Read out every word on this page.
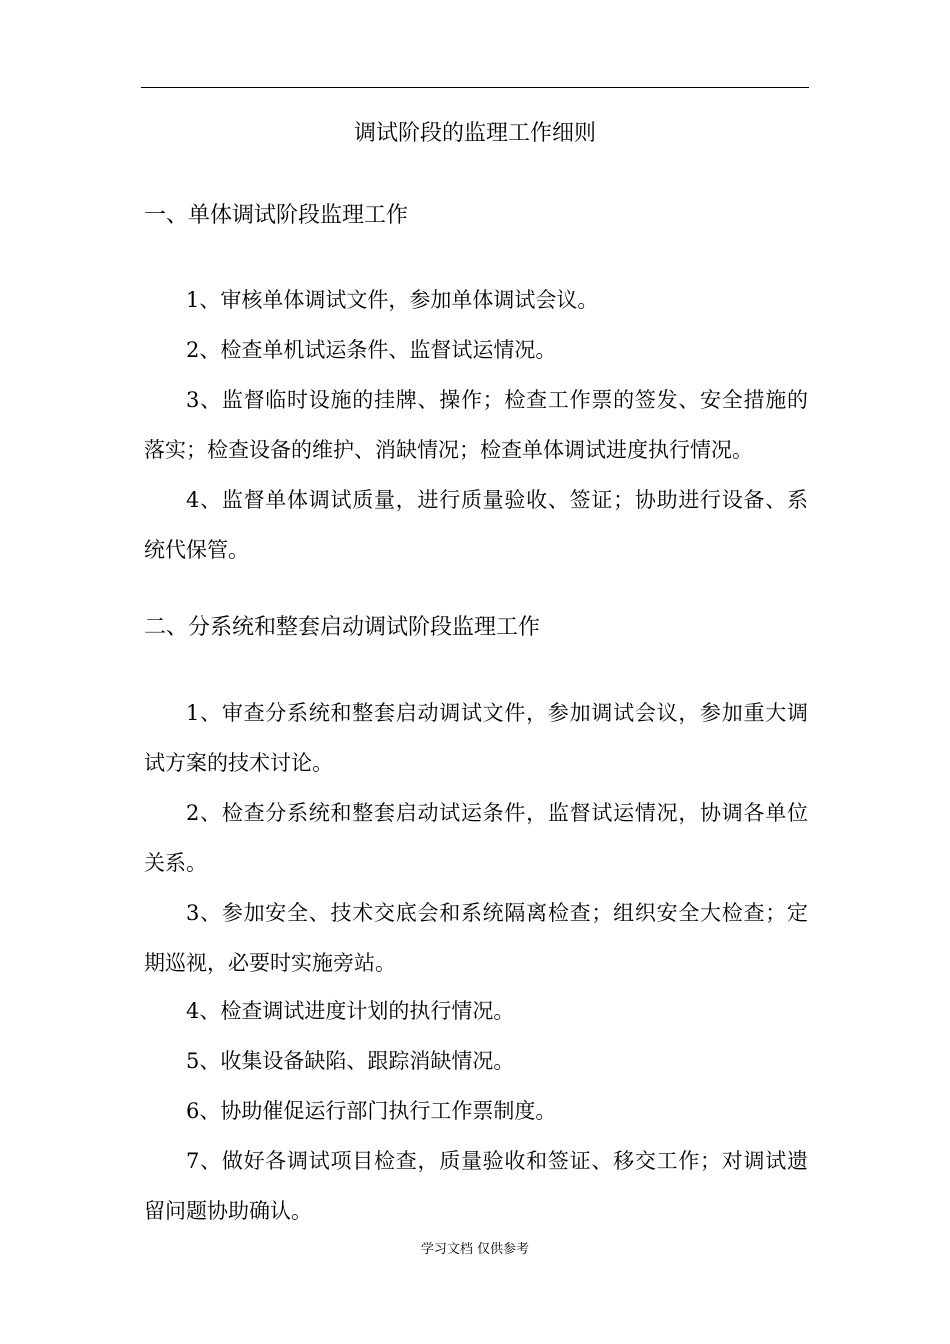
调试阶段的监理工作细则
一、单体调试阶段监理工作
1、审核单体调试文件，参加单体调试会议。
2、检查单机试运条件、监督试运情况。
3、监督临时设施的挂牌、操作；检查工作票的签发、安全措施的落实；检查设备的维护、消缺情况；检查单体调试进度执行情况。
4、监督单体调试质量，进行质量验收、签证；协助进行设备、系统代保管。
二、分系统和整套启动调试阶段监理工作
1、审查分系统和整套启动调试文件，参加调试会议，参加重大调试方案的技术讨论。
2、检查分系统和整套启动试运条件，监督试运情况，协调各单位关系。
3、参加安全、技术交底会和系统隔离检查；组织安全大检查；定期巡视，必要时实施旁站。
4、检查调试进度计划的执行情况。
5、收集设备缺陷、跟踪消缺情况。
6、协助催促运行部门执行工作票制度。
7、做好各调试项目检查，质量验收和签证、移交工作；对调试遗留问题协助确认。
学习文档 仅供参考
